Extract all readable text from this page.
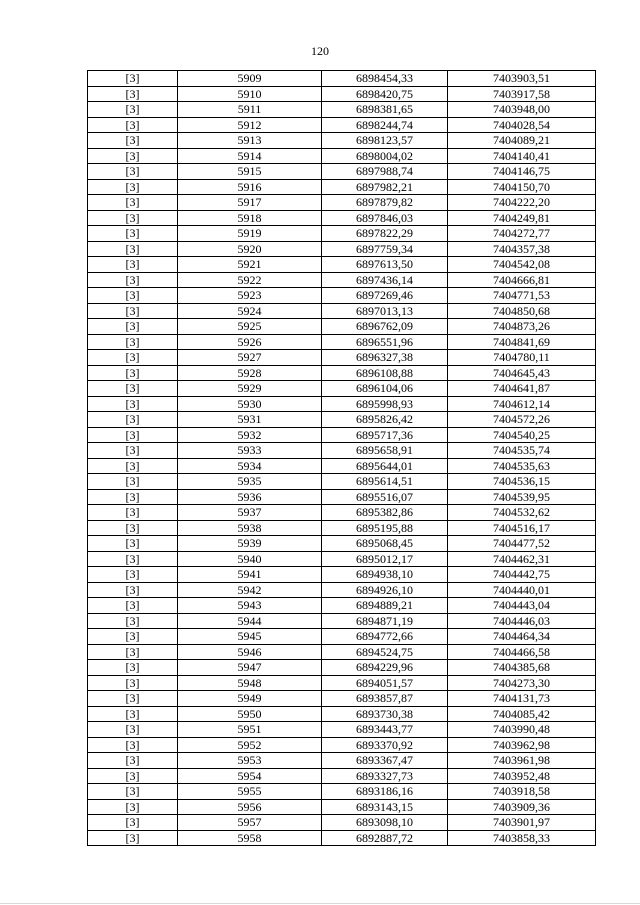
120
[3]	5909	6898454,33	7403903,51
[3]	5910	6898420,75	7403917,58
[3]	5911	6898381,65	7403948,00
[3]	5912	6898244,74	7404028,54
[3]	5913	6898123,57	7404089,21
[3]	5914	6898004,02	7404140,41
[3]	5915	6897988,74	7404146,75
[3]	5916	6897982,21	7404150,70
[3]	5917	6897879,82	7404222,20
[3]	5918	6897846,03	7404249,81
[3]	5919	6897822,29	7404272,77
[3]	5920	6897759,34	7404357,38
[3]	5921	6897613,50	7404542,08
[3]	5922	6897436,14	7404666,81
[3]	5923	6897269,46	7404771,53
[3]	5924	6897013,13	7404850,68
[3]	5925	6896762,09	7404873,26
[3]	5926	6896551,96	7404841,69
[3]	5927	6896327,38	7404780,11
[3]	5928	6896108,88	7404645,43
[3]	5929	6896104,06	7404641,87
[3]	5930	6895998,93	7404612,14
[3]	5931	6895826,42	7404572,26
[3]	5932	6895717,36	7404540,25
[3]	5933	6895658,91	7404535,74
[3]	5934	6895644,01	7404535,63
[3]	5935	6895614,51	7404536,15
[3]	5936	6895516,07	7404539,95
[3]	5937	6895382,86	7404532,62
[3]	5938	6895195,88	7404516,17
[3]	5939	6895068,45	7404477,52
[3]	5940	6895012,17	7404462,31
[3]	5941	6894938,10	7404442,75
[3]	5942	6894926,10	7404440,01
[3]	5943	6894889,21	7404443,04
[3]	5944	6894871,19	7404446,03
[3]	5945	6894772,66	7404464,34
[3]	5946	6894524,75	7404466,58
[3]	5947	6894229,96	7404385,68
[3]	5948	6894051,57	7404273,30
[3]	5949	6893857,87	7404131,73
[3]	5950	6893730,38	7404085,42
[3]	5951	6893443,77	7403990,48
[3]	5952	6893370,92	7403962,98
[3]	5953	6893367,47	7403961,98
[3]	5954	6893327,73	7403952,48
[3]	5955	6893186,16	7403918,58
[3]	5956	6893143,15	7403909,36
[3]	5957	6893098,10	7403901,97
[3]	5958	6892887,72	7403858,33
